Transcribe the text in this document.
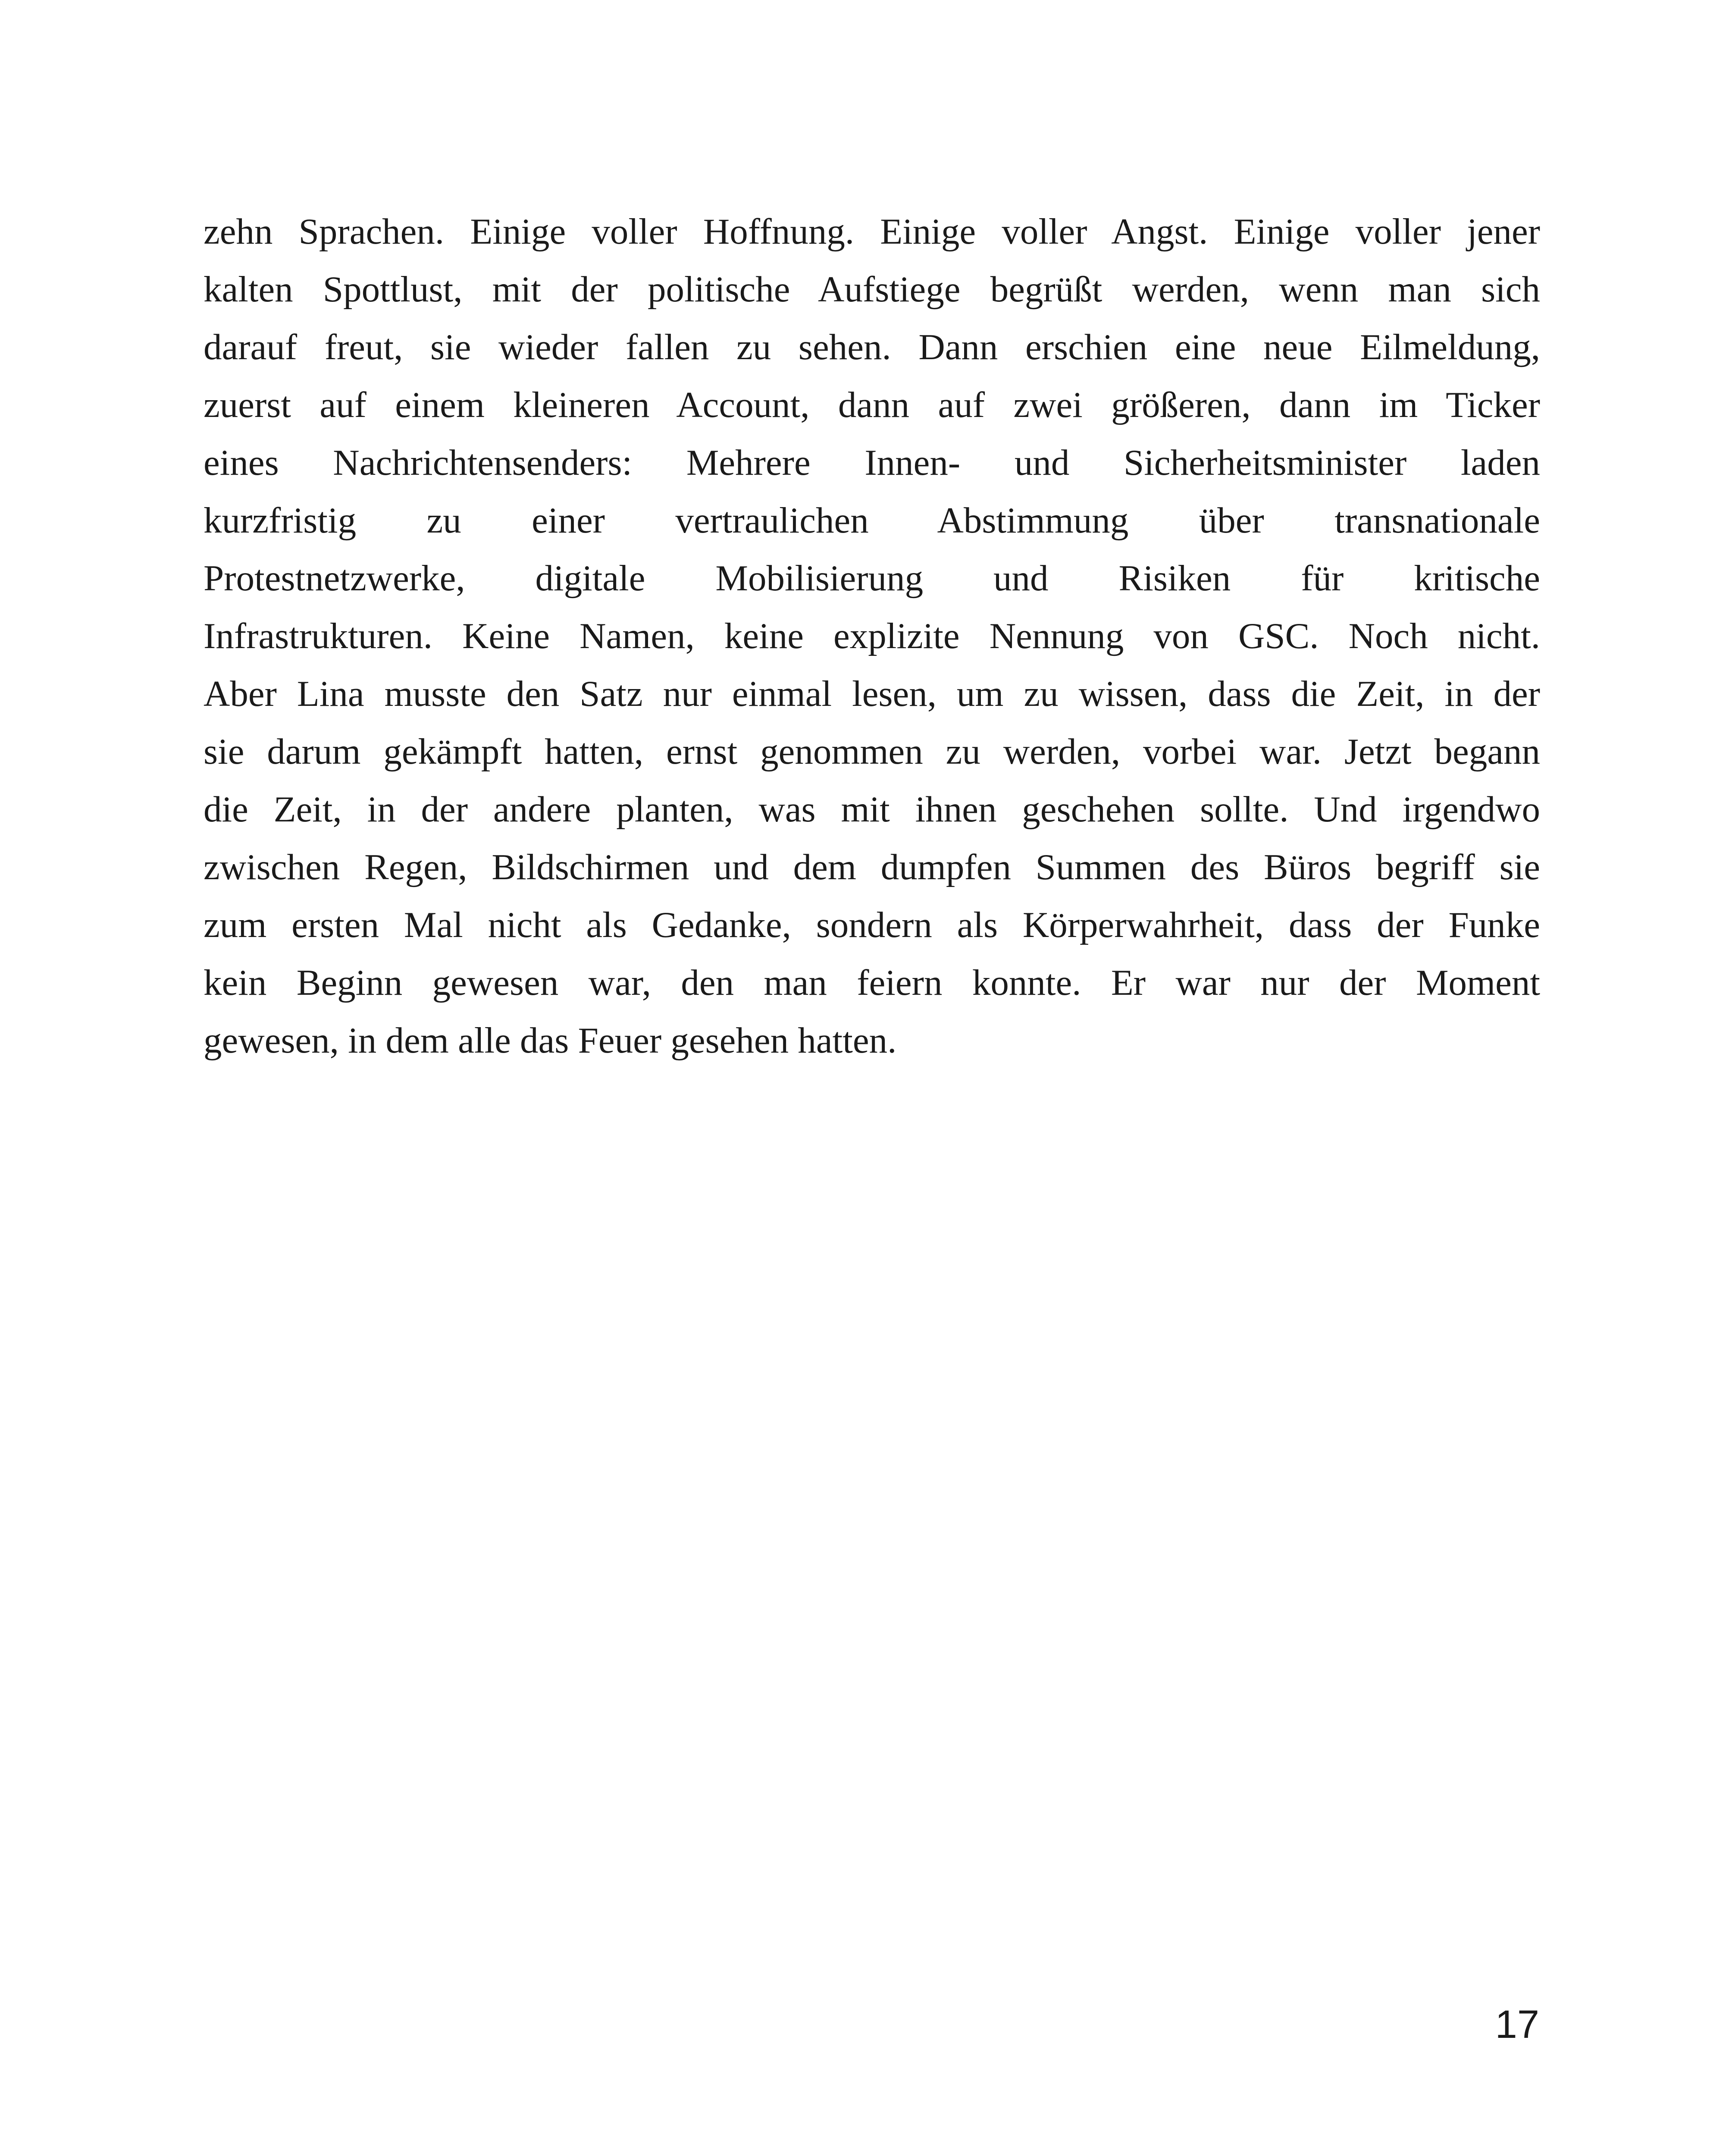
zehn Sprachen. Einige voller Hoffnung. Einige voller Angst. Einige voller jener
kalten Spottlust, mit der politische Aufstiege begrüßt werden, wenn man sich
darauf freut, sie wieder fallen zu sehen. Dann erschien eine neue Eilmeldung,
zuerst auf einem kleineren Account, dann auf zwei größeren, dann im Ticker
eines Nachrichtensenders: Mehrere Innen- und Sicherheitsminister laden
kurzfristig zu einer vertraulichen Abstimmung über transnationale
Protestnetzwerke, digitale Mobilisierung und Risiken für kritische
Infrastrukturen. Keine Namen, keine explizite Nennung von GSC. Noch nicht.
Aber Lina musste den Satz nur einmal lesen, um zu wissen, dass die Zeit, in der
sie darum gekämpft hatten, ernst genommen zu werden, vorbei war. Jetzt begann
die Zeit, in der andere planten, was mit ihnen geschehen sollte. Und irgendwo
zwischen Regen, Bildschirmen und dem dumpfen Summen des Büros begriff sie
zum ersten Mal nicht als Gedanke, sondern als Körperwahrheit, dass der Funke
kein Beginn gewesen war, den man feiern konnte. Er war nur der Moment
gewesen, in dem alle das Feuer gesehen hatten.
17
